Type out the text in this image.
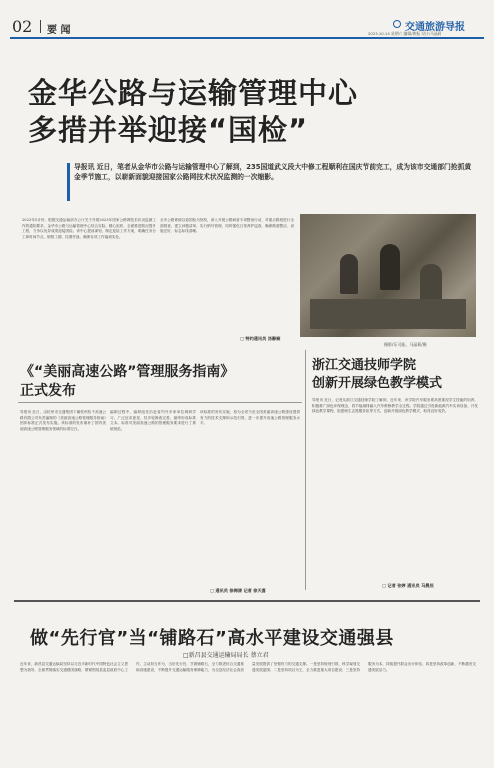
02 要 闻	交通旅游导报
2023.10.14 星期六 编辑/黄振 设计/马晶莉
金华公路与运输管理中心
多措并举迎接“国检”
导报讯 近日，笔者从金华市公路与运输管理中心了解到，235国道武义段大中修工程顺利在国庆节前完工，成为该市交通部门抢抓黄金季节施工，以崭新面貌迎接国家公路网技术状况监测的一次缩影。
2023年5月份，根据交通运输部办公厅关于开展2023年国家公路网技术状况监测工作的通知要求，金华市公路与运输管理中心结合实际，精心组织，全面推进路况提升工程，力争以优异成绩迎接国检。该中心提前谋划，制定迎检工作方案，明确任务分工和时间节点，倒排工期，挂图作战，确保各项工作落到实处。
全市公路系统以迎国检为契机，深入开展公路病害专项整治行动，对重点路段进行全面排查，建立问题清单，实行销号管理，同时强化日常养护巡查，确保路面整洁、设施完好、标志标线清晰。
□ 特约通讯员 汤静娴
摄影/乐可能、马晶莉/摄
浙江交通技师学院
创新开展绿色教学模式
导报讯 近日，记者从浙江交通技师学院了解到，近年来，该学院汽车服务系高度重视学生技能的培养，积极推广绿色环保理念，将节能减排融入汽车维修教学全过程。学院通过引进新能源汽车实训设备、开发绿色教学课程、组建师生志愿服务队等方式，创新开展绿色教学模式，取得良好成效。
□ 记者 张婷 通讯员 马晨辰
《“美丽高速公路”管理服务指南》
正式发布
导报讯 近日，由杭州市交通集团下属杭州杭千高速公路有限公司负责编制的《美丽高速公路管理服务指南》团体标准正式发布实施。该标准的发布填补了国内美丽高速公路管理服务领域的标准空白。
编制过程中，编制组先后赴省内外多家单位调研学习，广泛征求意见，经多轮修改完善，最终形成标准文本。标准对美丽高速公路的管理服务要求进行了系统规范。
该标准的发布实施，将为全省乃至全国美丽高速公路建设提供有力的技术支撑和示范引领，进一步提升高速公路管理服务水平。
□ 通讯员 徐梅清 记者 徐天喜
做“先行官”当“铺路石”高水平建设交通强县
□新昌县交通运输局局长 蔡立君
近年来，新昌县交通运输局坚持以习近平新时代中国特色社会主义思想为指导，全面贯彻落实交通强国战略，紧紧围绕县委县政府中心工作，主动担当作为，当好先行官，甘做铺路石，全力推进综合交通基础设施建设，不断提升交通运输服务保障能力，为全县经济社会高质量发展提供了坚强有力的交通支撑。一是坚持规划引领，科学谋划交通发展蓝图；二是坚持项目为王，全力推进重大项目建设；三是坚持服务为本，持续提升群众出行体验；四是坚持改革创新，不断激发交通发展活力。
